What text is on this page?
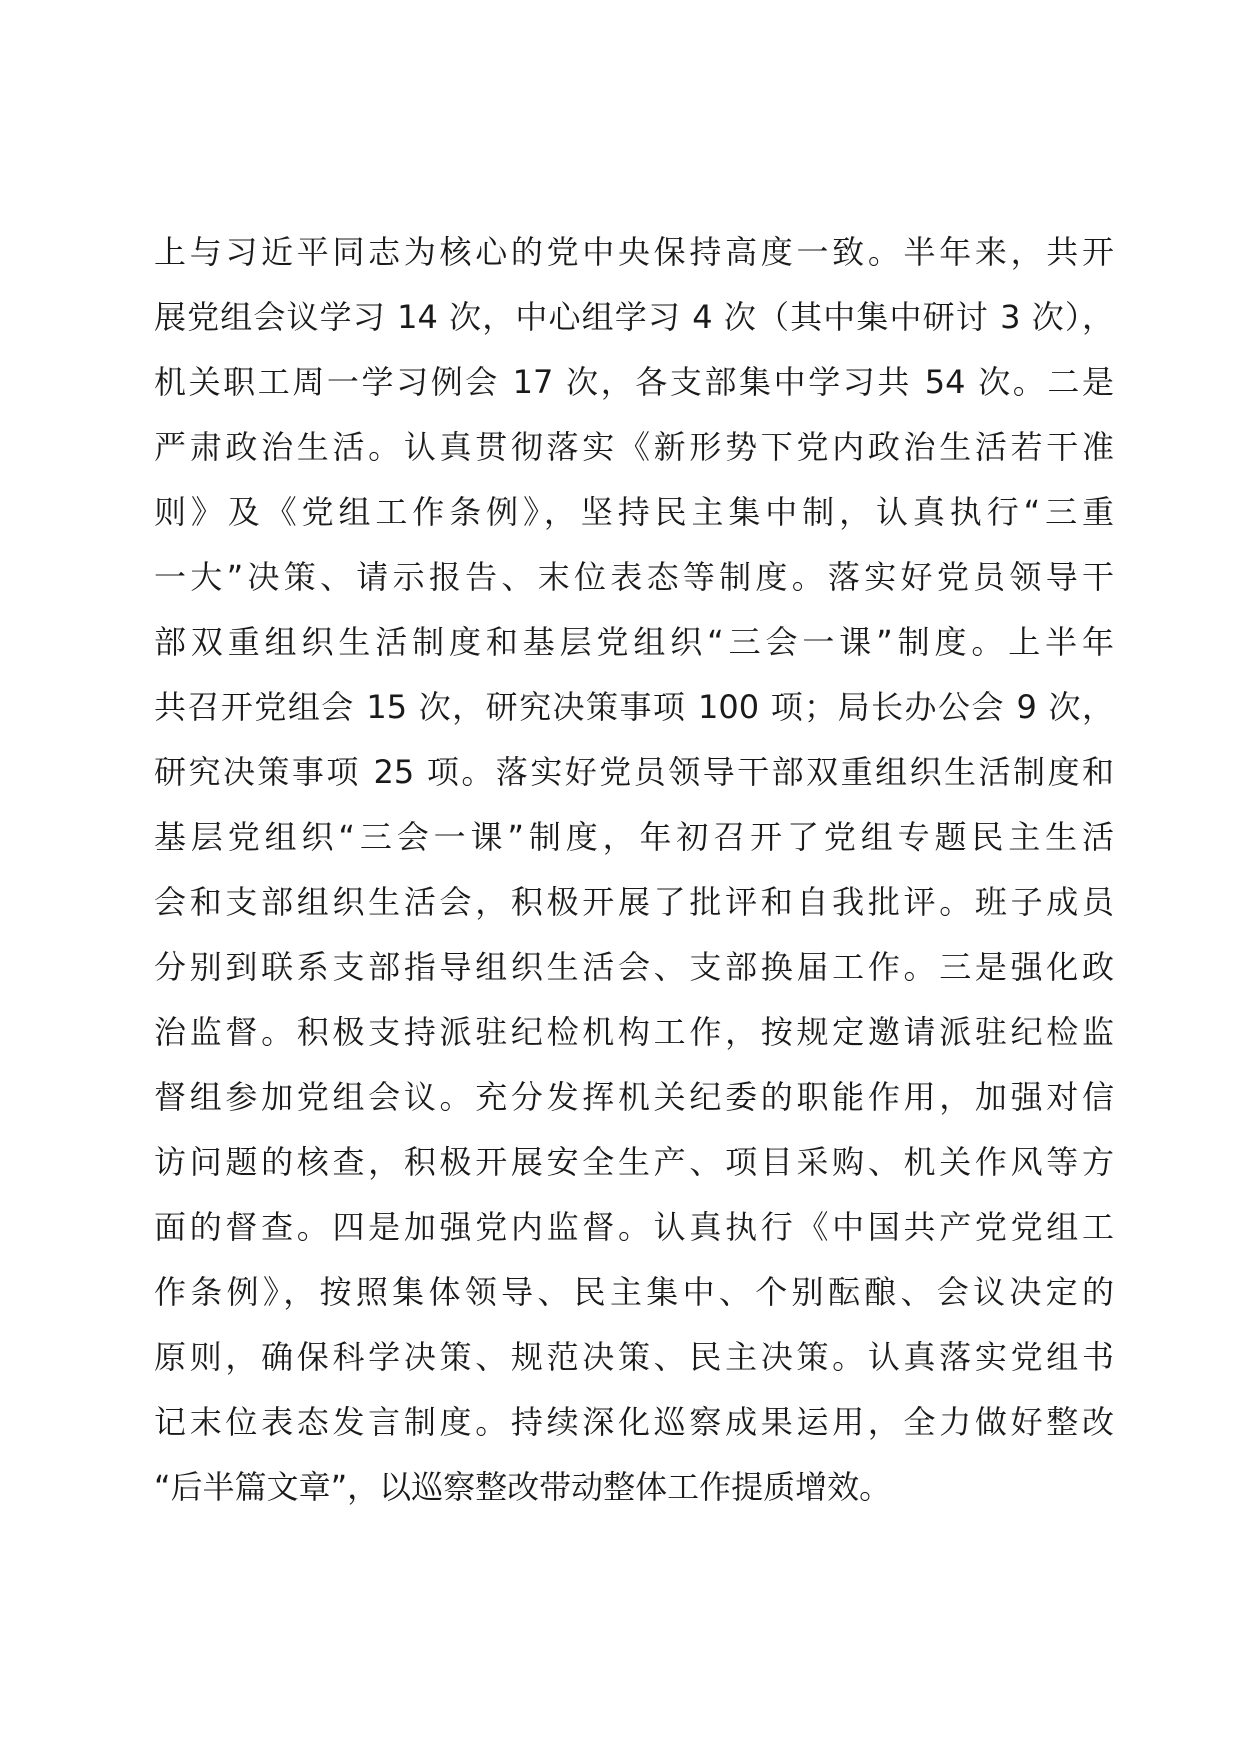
上与习近平同志为核心的党中央保持高度一致。半年来，共开
展党组会议学习 14 次，中心组学习 4 次（其中集中研讨 3 次），
机关职工周一学习例会 17 次，各支部集中学习共 54 次。二是
严肃政治生活。认真贯彻落实《新形势下党内政治生活若干准
则》及《党组工作条例》，坚持民主集中制，认真执行“三重
一大”决策、请示报告、末位表态等制度。落实好党员领导干
部双重组织生活制度和基层党组织“三会一课”制度。上半年
共召开党组会 15 次，研究决策事项 100 项；局长办公会 9 次，
研究决策事项 25 项。落实好党员领导干部双重组织生活制度和
基层党组织“三会一课”制度，年初召开了党组专题民主生活
会和支部组织生活会，积极开展了批评和自我批评。班子成员
分别到联系支部指导组织生活会、支部换届工作。三是强化政
治监督。积极支持派驻纪检机构工作，按规定邀请派驻纪检监
督组参加党组会议。充分发挥机关纪委的职能作用，加强对信
访问题的核查，积极开展安全生产、项目采购、机关作风等方
面的督查。四是加强党内监督。认真执行《中国共产党党组工
作条例》，按照集体领导、民主集中、个别酝酿、会议决定的
原则，确保科学决策、规范决策、民主决策。认真落实党组书
记末位表态发言制度。持续深化巡察成果运用，全力做好整改
“后半篇文章”，以巡察整改带动整体工作提质增效。
